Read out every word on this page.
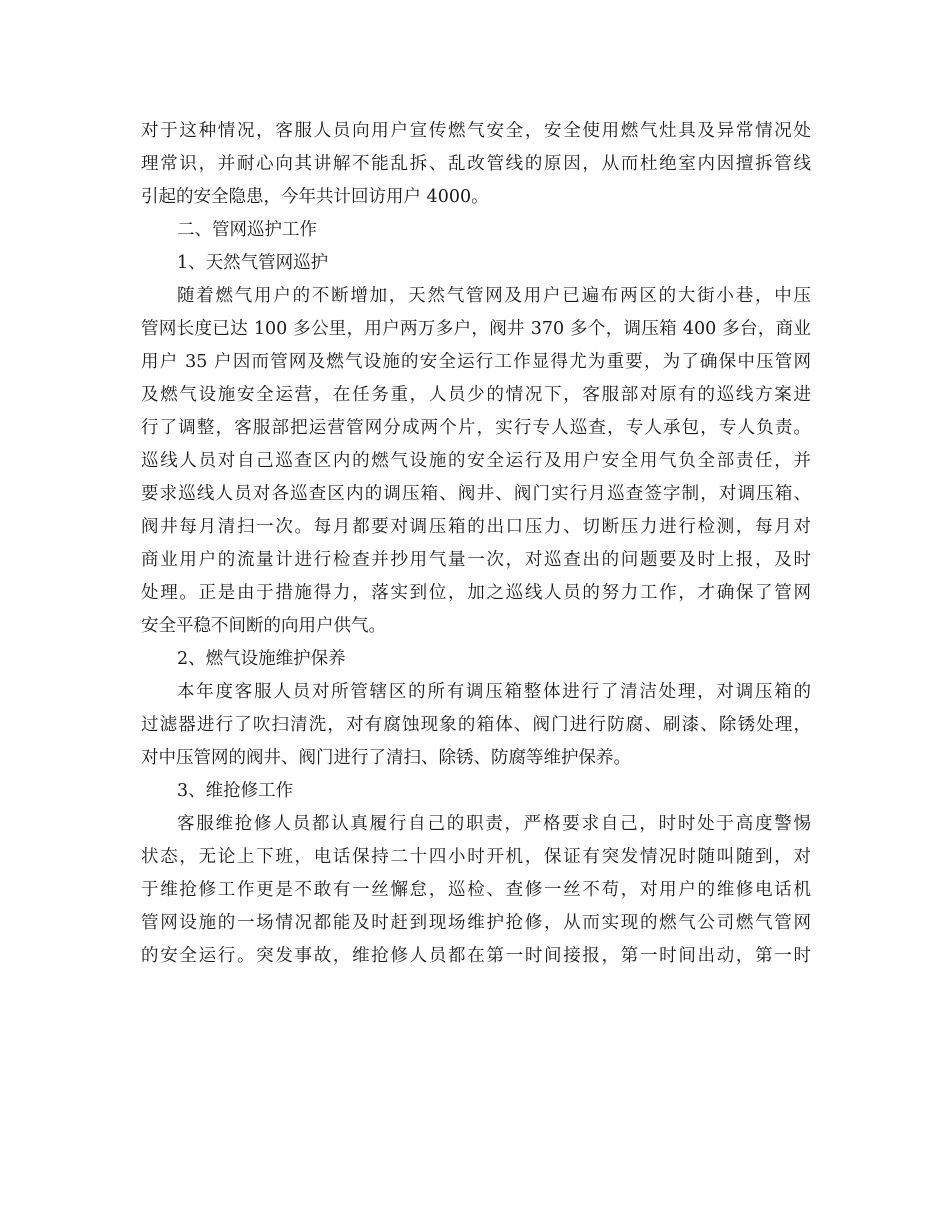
对于这种情况，客服人员向用户宣传燃气安全，安全使用燃气灶具及异常情况处
理常识，并耐心向其讲解不能乱拆、乱改管线的原因，从而杜绝室内因擅拆管线
引起的安全隐患，今年共计回访用户 4000。
二、管网巡护工作
1、天然气管网巡护
随着燃气用户的不断增加，天然气管网及用户已遍布两区的大街小巷，中压
管网长度已达 100 多公里，用户两万多户，阀井 370 多个，调压箱 400 多台，商业
用户 35 户因而管网及燃气设施的安全运行工作显得尤为重要，为了确保中压管网
及燃气设施安全运营，在任务重，人员少的情况下，客服部对原有的巡线方案进
行了调整，客服部把运营管网分成两个片，实行专人巡查，专人承包，专人负责。
巡线人员对自己巡查区内的燃气设施的安全运行及用户安全用气负全部责任，并
要求巡线人员对各巡查区内的调压箱、阀井、阀门实行月巡查签字制，对调压箱、
阀井每月清扫一次。每月都要对调压箱的出口压力、切断压力进行检测，每月对
商业用户的流量计进行检查并抄用气量一次，对巡查出的问题要及时上报，及时
处理。正是由于措施得力，落实到位，加之巡线人员的努力工作，才确保了管网
安全平稳不间断的向用户供气。
2、燃气设施维护保养
本年度客服人员对所管辖区的所有调压箱整体进行了清洁处理，对调压箱的
过滤器进行了吹扫清洗，对有腐蚀现象的箱体、阀门进行防腐、刷漆、除锈处理，
对中压管网的阀井、阀门进行了清扫、除锈、防腐等维护保养。
3、维抢修工作
客服维抢修人员都认真履行自己的职责，严格要求自己，时时处于高度警惕
状态，无论上下班，电话保持二十四小时开机，保证有突发情况时随叫随到，对
于维抢修工作更是不敢有一丝懈怠，巡检、查修一丝不苟，对用户的维修电话机
管网设施的一场情况都能及时赶到现场维护抢修，从而实现的燃气公司燃气管网
的安全运行。突发事故，维抢修人员都在第一时间接报，第一时间出动，第一时
